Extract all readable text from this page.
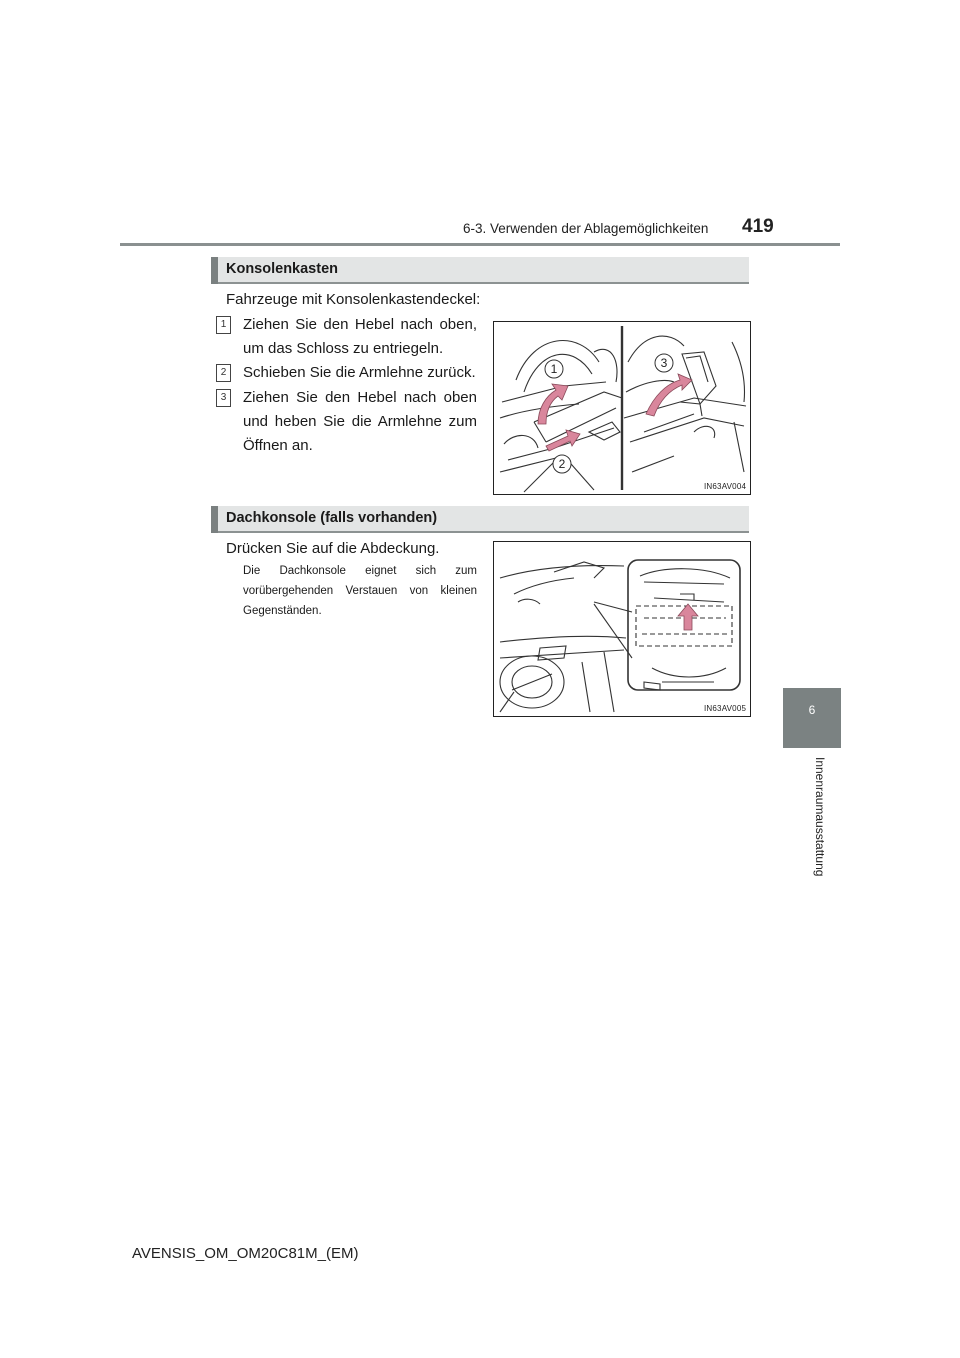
6-3. Verwenden der Ablagemöglichkeiten 419
6
Innenraumausstattung
Konsolenkasten
Fahrzeuge mit Konsolenkastendeckel:
1	Ziehen Sie den Hebel nach oben, um das Schloss zu entriegeln.
2	Schieben Sie die Armlehne zurück.
3	Ziehen Sie den Hebel nach oben und heben Sie die Armlehne zum Öffnen an.
1
2
3
IN63AV004
Dachkonsole (falls vorhanden)
Drücken Sie auf die Abdeckung.
Die Dachkonsole eignet sich zum vorübergehenden Verstauen von kleinen Gegenständen.
IN63AV005
AVENSIS_OM_OM20C81M_(EM)
